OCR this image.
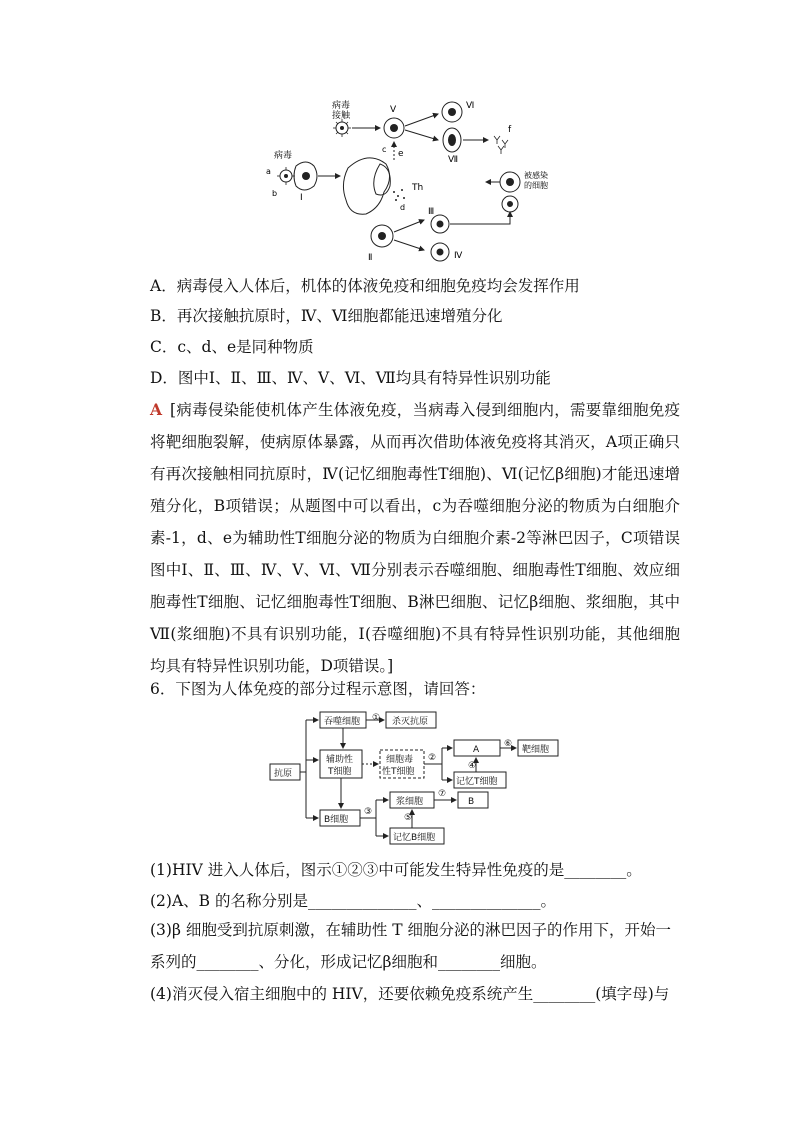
病毒
接触
Ⅴ	Ⅵ
Ⅶ
f
e
病毒
a
b	Ⅰ
Th
c
d
Ⅱ
Ⅲ
Ⅳ
被感染
的细胞
A．病毒侵入人体后，机体的体液免疫和细胞免疫均会发挥作用
B．再次接触抗原时，Ⅳ、Ⅵ细胞都能迅速增殖分化
C．c、d、e是同种物质
D．图中Ⅰ、Ⅱ、Ⅲ、Ⅳ、Ⅴ、Ⅵ、Ⅶ均具有特异性识别功能
A [病毒侵染能使机体产生体液免疫，当病毒入侵到细胞内，需要靠细胞免疫将靶细胞裂解，使病原体暴露，从而再次借助体液免疫将其消灭，A项正确只有再次接触相同抗原时，Ⅳ(记忆细胞毒性T细胞)、Ⅵ(记忆β细胞)才能迅速增殖分化，B项错误；从题图中可以看出，c为吞噬细胞分泌的物质为白细胞介素-1，d、e为辅助性T细胞分泌的物质为白细胞介素-2等淋巴因子，C项错误图中Ⅰ、Ⅱ、Ⅲ、Ⅳ、Ⅴ、Ⅵ、Ⅶ分别表示吞噬细胞、细胞毒性T细胞、效应细胞毒性T细胞、记忆细胞毒性T细胞、B淋巴细胞、记忆β细胞、浆细胞，其中Ⅶ(浆细胞)不具有识别功能，Ⅰ(吞噬细胞)不具有特异性识别功能，其他细胞均具有特异性识别功能，D项错误。]
6．下图为人体免疫的部分过程示意图，请回答：
抗原
吞噬细胞 ① 杀灭抗原
辅助性
T细胞
细胞毒
性T细胞
②
A
⑥
靶细胞
④
记忆T细胞
B细胞
③
浆细胞
⑦
B
⑤
记忆B细胞
(1)HIV 进入人体后，图示①②③中可能发生特异性免疫的是________。
(2)A、B 的名称分别是______________、______________。
(3)β 细胞受到抗原刺激，在辅助性 T 细胞分泌的淋巴因子的作用下，开始一系列的________、分化，形成记忆β细胞和________细胞。
(4)消灭侵入宿主细胞中的 HIV，还要依赖免疫系统产生________(填字母)与
